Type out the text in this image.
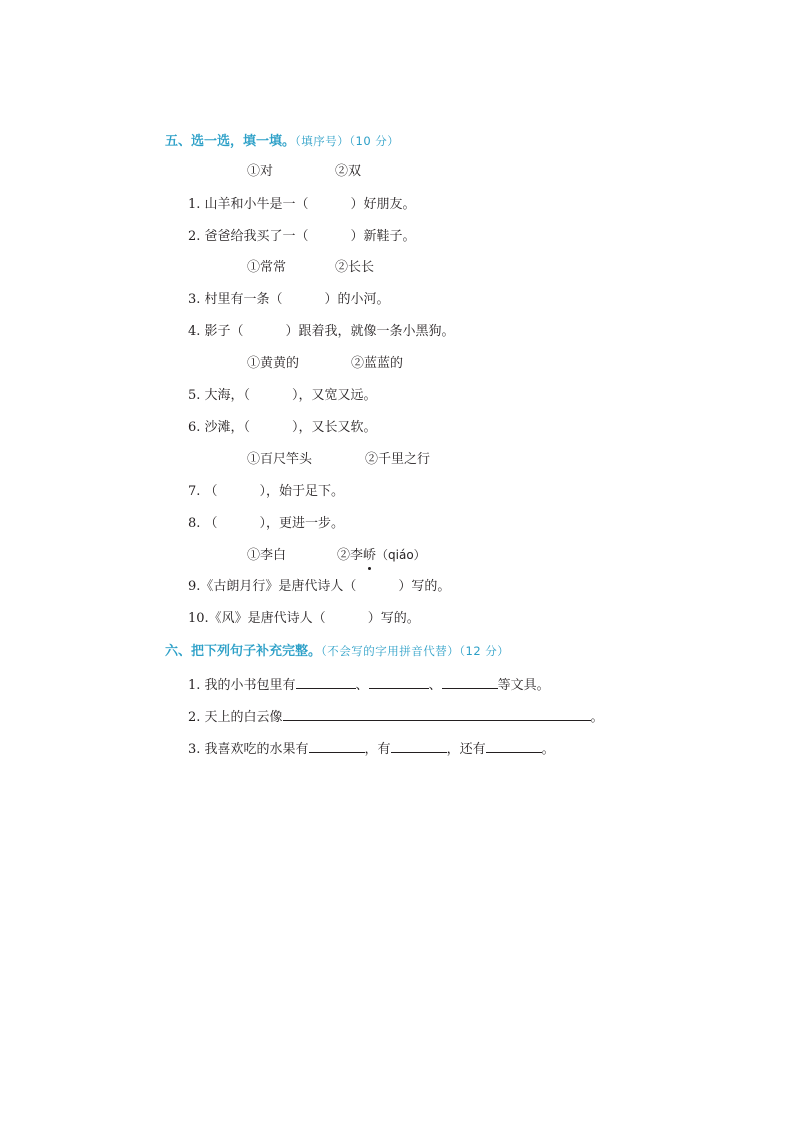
五、选一选，填一填。（填序号）（10 分）
①对	②双
1. 山羊和小牛是一（	）好朋友。
2. 爸爸给我买了一（	）新鞋子。
①常常	②长长
3. 村里有一条（	）的小河。
4. 影子（	）跟着我，就像一条小黑狗。
①黄黄的	②蓝蓝的
5. 大海，（	），又宽又远。
6. 沙滩，（	），又长又软。
①百尺竿头	②千里之行
7. （	），始于足下。
8. （	），更进一步。
①李白	②李峤（qiáo）
9.《古朗月行》是唐代诗人（	）写的。
10.《风》是唐代诗人（	）写的。
六、把下列句子补充完整。（不会写的字用拼音代替）（12 分）
1. 我的小书包里有	、	、	等文具。
2. 天上的白云像	。
3. 我喜欢吃的水果有	，有	，还有	。
